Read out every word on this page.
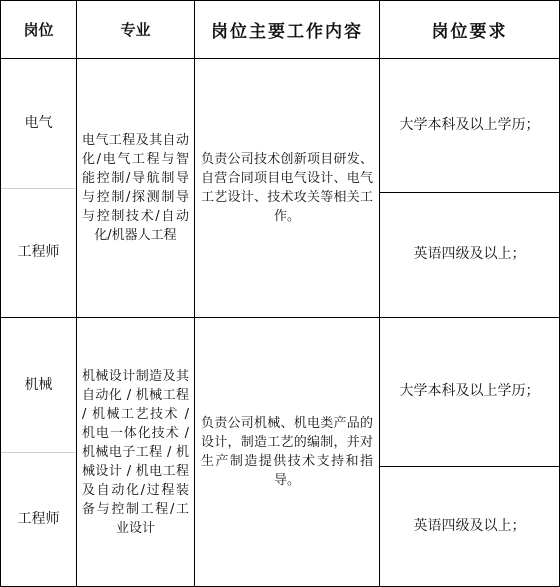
岗位	专业	岗位主要工作内容	岗位要求

电气
工程师	电气工程及其自动化/电气工程与智能控制/导航制导与控制/探测制导与控制技术/自动化/机器人工程	负责公司技术创新项目研发、自营合同项目电气设计、电气工艺设计、技术攻关等相关工作。	大学本科及以上学历；
			英语四级及以上；

机械
工程师	机械设计制造及其自动化 / 机械工程 / 机械工艺技术 / 机电一体化技术 / 机械电子工程 / 机械设计 / 机电工程及自动化/过程装备与控制工程/工业设计	负责公司机械、机电类产品的设计，制造工艺的编制，并对生产制造提供技术支持和指导。	大学本科及以上学历；
			英语四级及以上；
